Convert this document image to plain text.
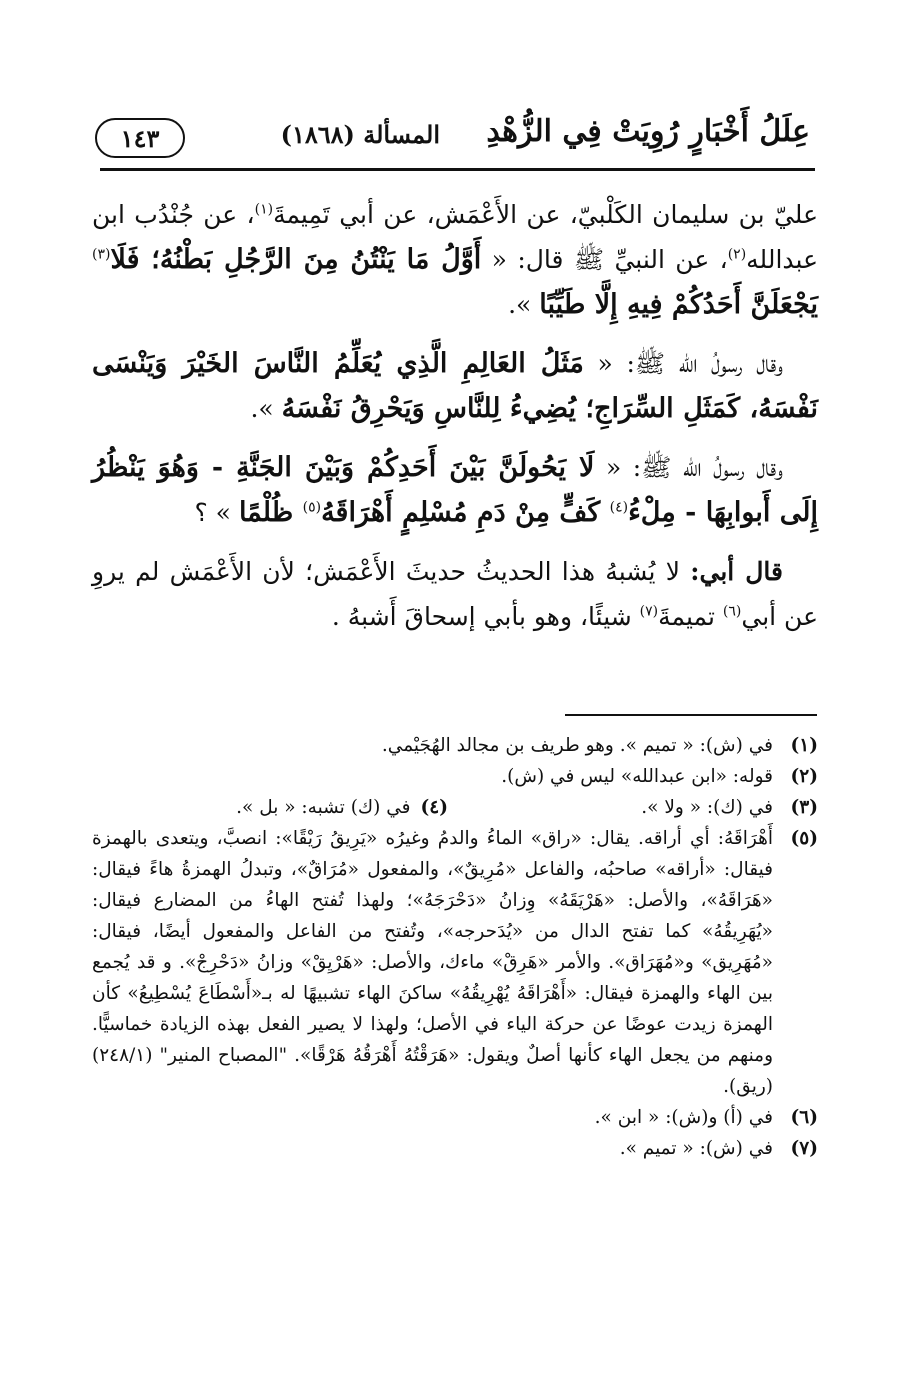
عِلَلُ أَخْبَارٍ رُوِيَتْ فِي الزُّهْدِ
المسألة (١٨٦٨)
١٤٣

عليّ بن سليمان الكَلْبيّ، عن الأَعْمَش، عن أبي تَمِيمةَ$^{(١)}$، عن جُنْدُب ابن عبدالله$^{(٢)}$، عن النبيِّ ﷺ قال: « أَوَّلُ مَا يَنْتُنُ مِنَ الرَّجُلِ بَطْنُهُ؛ فَلَا$^{(٣)}$ يَجْعَلَنَّ أَحَدُكُمْ فِيهِ إِلَّا طَيِّبًا ».

وقال رسولُ الله ﷺ: « مَثَلُ العَالِمِ الَّذِي يُعَلِّمُ النَّاسَ الخَيْرَ وَيَنْسَى نَفْسَهُ، كَمَثَلِ السِّرَاجِ؛ يُضِيءُ لِلنَّاسِ وَيَحْرِقُ نَفْسَهُ ».

وقال رسولُ الله ﷺ: « لَا يَحُولَنَّ بَيْنَ أَحَدِكُمْ وَبَيْنَ الجَنَّةِ - وَهُوَ يَنْظُرُ إِلَى أَبوابِهَا - مِلْءُ$^{(٤)}$ كَفٍّ مِنْ دَمِ مُسْلِمٍ أَهْرَاقَهُ$^{(٥)}$ ظُلْمًا » ؟

قال أبي: لا يُشبهُ هذا الحديثُ حديثَ الأَعْمَش؛ لأن الأَعْمَش لم يروِ عن أبي$^{(٦)}$ تميمةَ$^{(٧)}$ شيئًا، وهو بأبي إسحاقَ أَشبهُ .

(١)
في (ش): « تميم ». وهو طريف بن مجالد الهُجَيْمي.
(٢)
قوله: «ابن عبدالله» ليس في (ش).
(٣)
في (ك): « ولا ».
(٤)في (ك) تشبه: « بل ».
(٥)
أَهْرَاقَهُ: أي أراقه. يقال: «راق» الماءُ والدمُ وغيرُه «يَرِيقُ رَيْقًا»: انصبَّ، ويتعدى بالهمزة فيقال: «أراقه» صاحبُه، والفاعل «مُرِيقٌ»، والمفعول «مُرَاقٌ»، وتبدلُ الهمزةُ هاءً فيقال: «هَرَاقَهُ»، والأصل: «هَرْيَقَهُ» وِزانُ «دَحْرَجَهُ»؛ ولهذا تُفتح الهاءُ من المضارع فيقال: «يُهَرِيقُهُ» كما تفتح الدال من «يُدَحرجه»، وتُفتح من الفاعل والمفعول أيضًا، فيقال: «مُهَرِيق» و«مُهَرَاق». والأمر «هَرِقْ» ماءك، والأصل: «هَرْيِقْ» وزانُ «دَحْرِجْ». و قد يُجمع بين الهاء والهمزة فيقال: «أَهْرَاقَهُ يُهْرِيقُهُ» ساكنَ الهاء تشبيهًا له بـ«أَسْطَاعَ يُسْطِيعُ» كأن الهمزة زيدت عوضًا عن حركة الياء في الأصل؛ ولهذا لا يصير الفعل بهذه الزيادة خماسيًّا. ومنهم من يجعل الهاء كأنها أصلٌ ويقول: «هَرَقْتُهُ أَهْرَقُهُ هَرْقًا». "المصباح المنير" (٢٤٨/١) (ريق).
(٦)
في (أ) و(ش): « ابن ».
(٧)
في (ش): « تميم ».
